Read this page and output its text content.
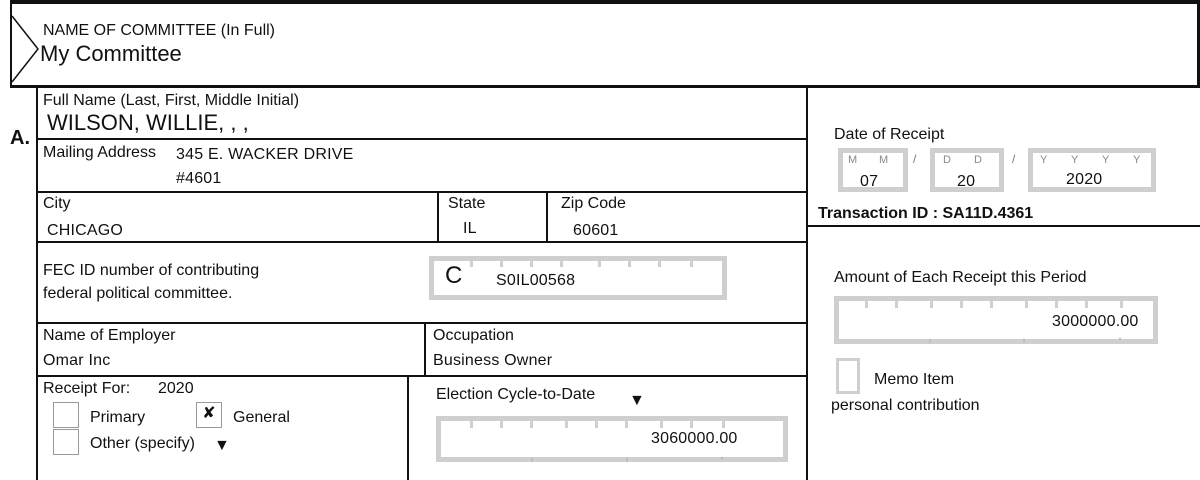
NAME OF COMMITTEE (In Full)
My Committee
Full Name (Last, First, Middle Initial)
WILSON, WILLIE, , ,
A.
Mailing Address 345 E. WACKER DRIVE
#4601
City
CHICAGO
State
IL
Zip Code
60601
FEC ID number of contributing
federal political committee.
C S0IL00568
Name of Employer
Omar Inc
Occupation
Business Owner
Receipt For: 2020
Primary	✘	General
Other (specify) ▼
Election Cycle-to-Date ▼
3060000.00
,	,	.
Date of Receipt
M M
07
/ D D
20
/ Y Y Y Y
2020
Transaction ID : SA11D.4361
Amount of Each Receipt this Period
3000000.00
,	,	.
Memo Item
personal contribution
